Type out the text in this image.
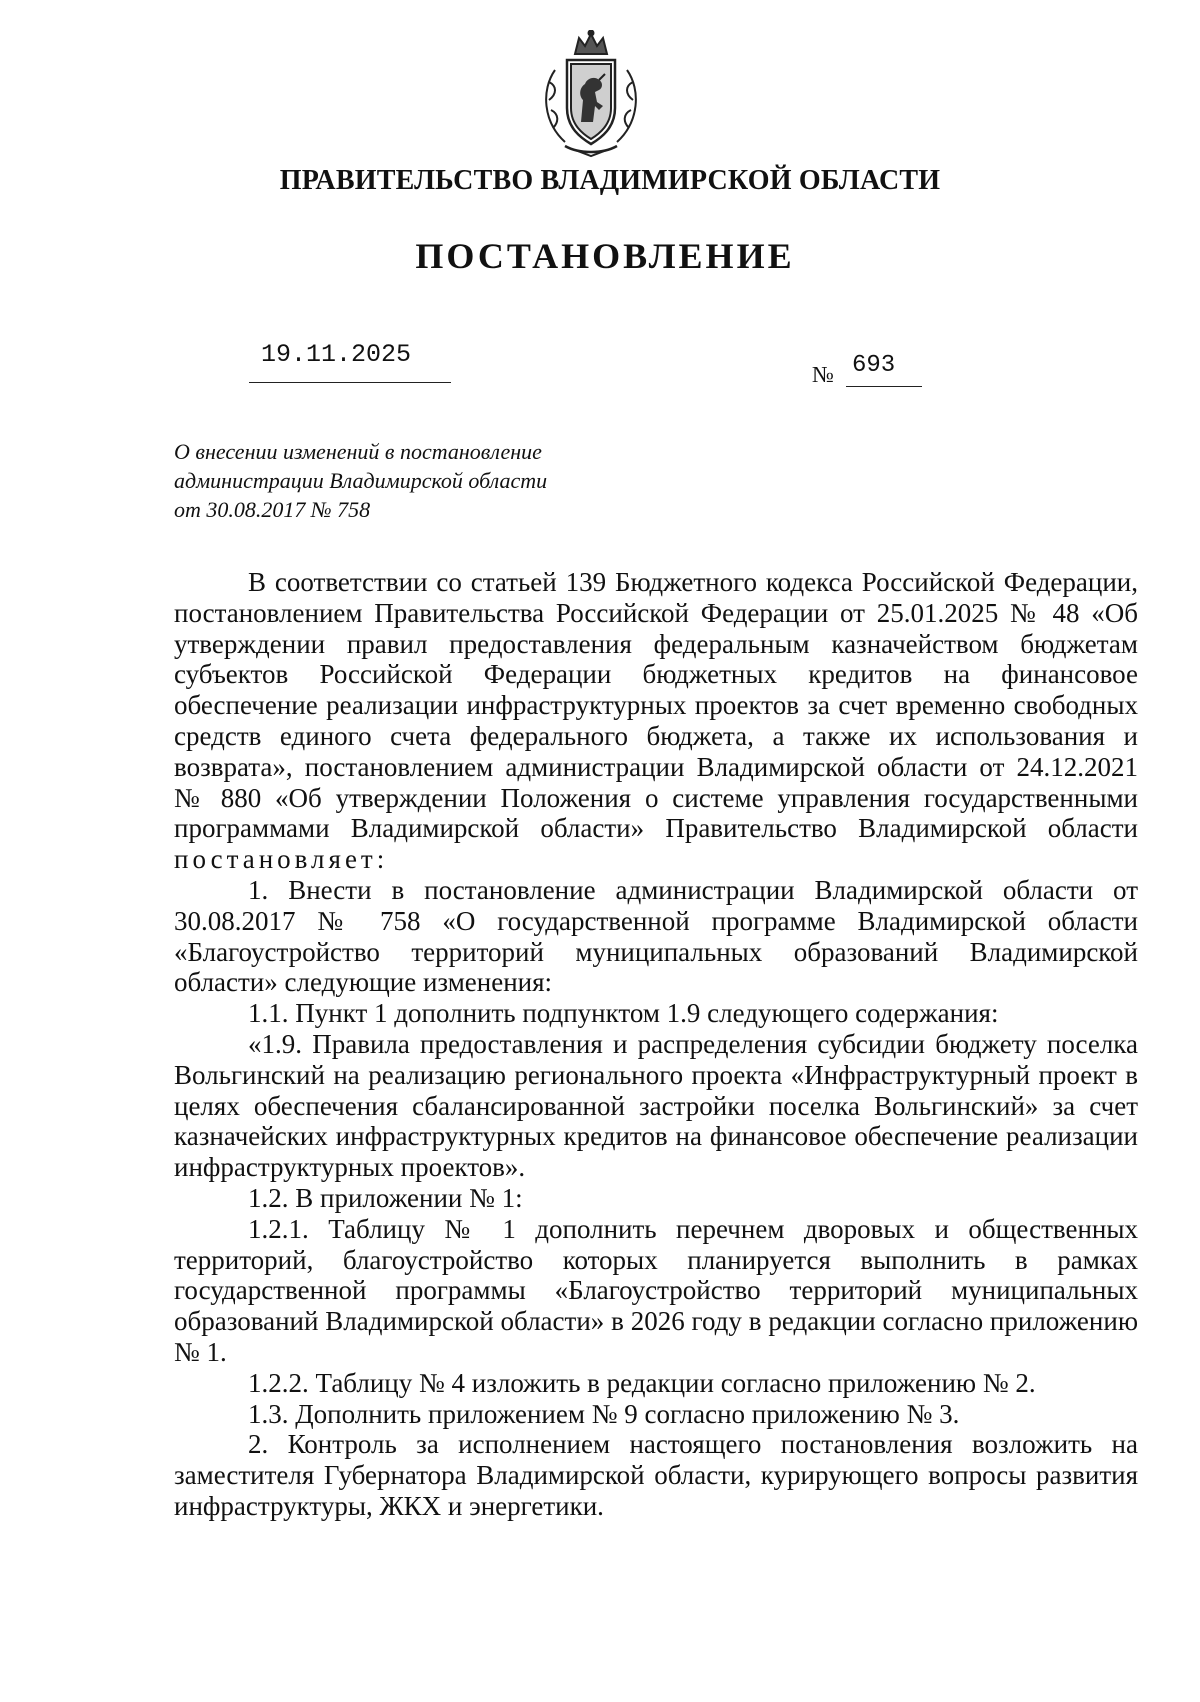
ПРАВИТЕЛЬСТВО ВЛАДИМИРСКОЙ ОБЛАСТИ
ПОСТАНОВЛЕНИЕ
19.11.2025
№ 693
О внесении изменений в постановление
администрации Владимирской области
от 30.08.2017 № 758

В соответствии со статьей 139 Бюджетного кодекса Российской Федерации, постановлением Правительства Российской Федерации от 25.01.2025 № 48 «Об утверждении правил предоставления федеральным казначейством бюджетам субъектов Российской Федерации бюджетных кредитов на финансовое обеспечение реализации инфраструктурных проектов за счет временно свободных средств единого счета федерального бюджета, а также их использования и возврата», постановлением администрации Владимирской области от 24.12.2021 № 880 «Об утверждении Положения о системе управления государственными программами Владимирской области» Правительство Владимирской области постановляет:

1. Внести в постановление администрации Владимирской области от 30.08.2017 № 758 «О государственной программе Владимирской области «Благоустройство территорий муниципальных образований Владимирской области» следующие изменения:

1.1. Пункт 1 дополнить подпунктом 1.9 следующего содержания:

«1.9. Правила предоставления и распределения субсидии бюджету поселка Вольгинский на реализацию регионального проекта «Инфраструктурный проект в целях обеспечения сбалансированной застройки поселка Вольгинский» за счет казначейских инфраструктурных кредитов на финансовое обеспечение реализации инфраструктурных проектов».

1.2. В приложении № 1:

1.2.1. Таблицу № 1 дополнить перечнем дворовых и общественных территорий, благоустройство которых планируется выполнить в рамках государственной программы «Благоустройство территорий муниципальных образований Владимирской области» в 2026 году в редакции согласно приложению № 1.

1.2.2. Таблицу № 4 изложить в редакции согласно приложению № 2.

1.3. Дополнить приложением № 9 согласно приложению № 3.

2. Контроль за исполнением настоящего постановления возложить на заместителя Губернатора Владимирской области, курирующего вопросы развития инфраструктуры, ЖКХ и энергетики.
